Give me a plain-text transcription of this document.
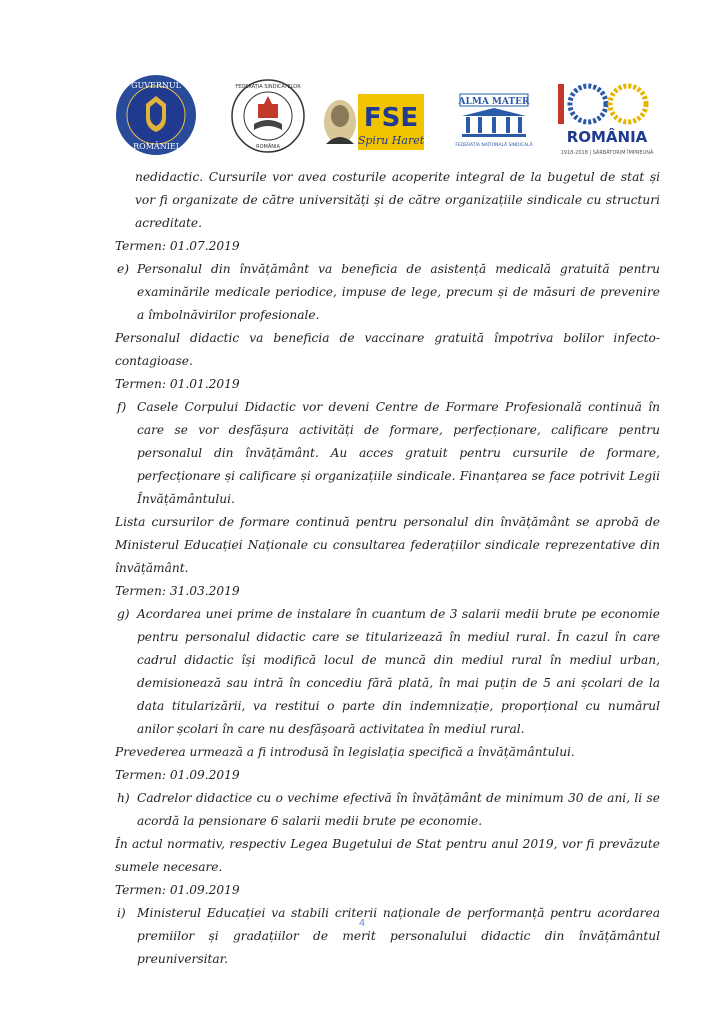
GUVERNUL
ROMÂNIEI
FEDERAȚIA SINDICATELOR
ROMÂNIA
FSE
Spiru Haret
ALMA MATER
FEDERAȚIA NAȚIONALĂ SINDICALĂ ROMÂNIA
1918-2018 | SĂRBĂTORIM ÎMPREUNĂ

nedidactic. Cursurile vor avea costurile acoperite integral de la bugetul de stat și vor fi organizate de către universități și de către organizațiile sindicale cu structuri acreditate.

Termen: 01.07.2019

e) Personalul din învățământ va beneficia de asistență medicală gratuită pentru examinările medicale periodice, impuse de lege, precum și de măsuri de prevenire a îmbolnăvirilor profesionale.

Personalul didactic va beneficia de vaccinare gratuită împotriva bolilor infecto-contagioase.

Termen: 01.01.2019

f) Casele Corpului Didactic vor deveni Centre de Formare Profesională continuă în care se vor desfășura activități de formare, perfecționare, calificare pentru personalul din învățământ. Au acces gratuit pentru cursurile de formare, perfecționare și calificare și organizațiile sindicale. Finanțarea se face potrivit Legii Învățământului.

Lista cursurilor de formare continuă pentru personalul din învățământ se aprobă de Ministerul Educației Naționale cu consultarea federațiilor sindicale reprezentative din învățământ.

Termen: 31.03.2019

g) Acordarea unei prime de instalare în cuantum de 3 salarii medii brute pe economie pentru personalul didactic care se titularizează în mediul rural. În cazul în care cadrul didactic își modifică locul de muncă din mediul rural în mediul urban, demisionează sau intră în concediu fără plată, în mai puțin de 5 ani școlari de la data titularizării, va restitui o parte din indemnizație, proporțional cu numărul anilor școlari în care nu desfășoară activitatea în mediul rural.

Prevederea urmează a fi introdusă în legislația specifică a învățământului.

Termen: 01.09.2019

h) Cadrelor didactice cu o vechime efectivă în învățământ de minimum 30 de ani, li se acordă la pensionare 6 salarii medii brute pe economie.

În actul normativ, respectiv Legea Bugetului de Stat pentru anul 2019, vor fi prevăzute sumele necesare.

Termen: 01.09.2019

i) Ministerul Educației va stabili criterii naționale de performanță pentru acordarea premiilor și gradațiilor de merit personalului didactic din învățământul preuniversitar.

4
